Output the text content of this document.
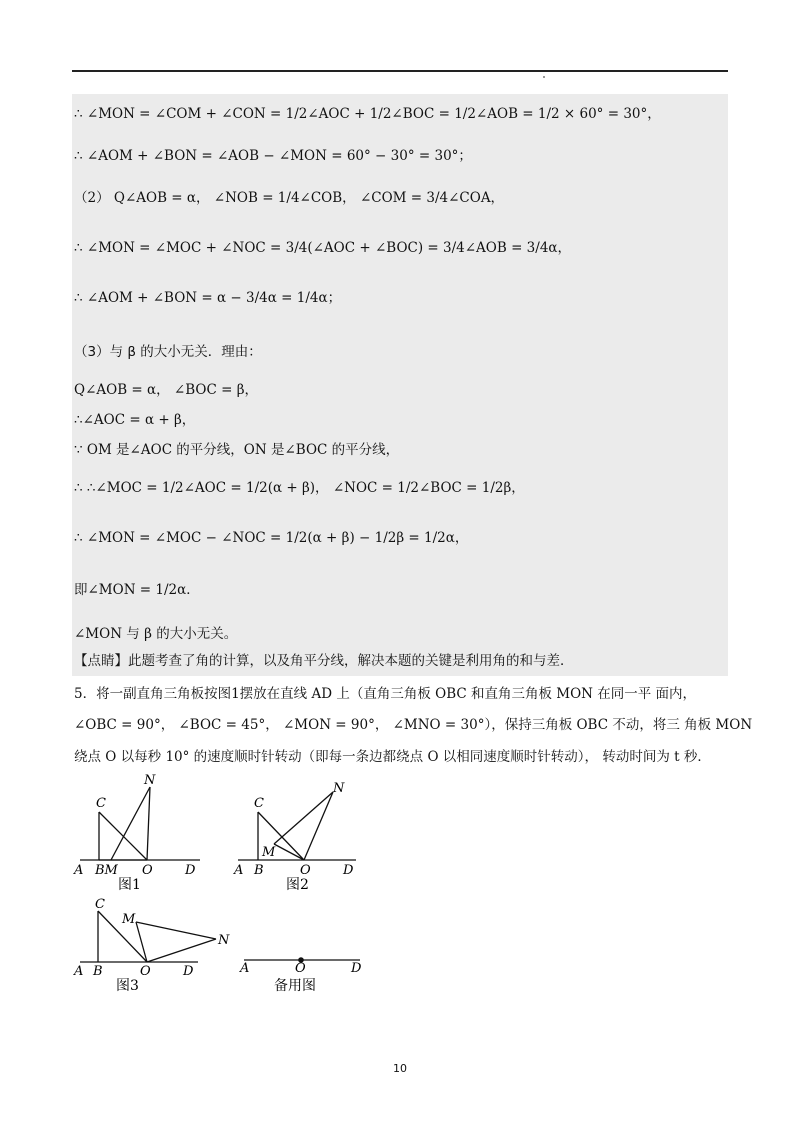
∴ ∠MON = ∠COM + ∠CON = 1/2∠AOC + 1/2∠BOC = 1/2∠AOB = 1/2 × 60° = 30°，
∴ ∠AOM + ∠BON = ∠AOB − ∠MON = 60° − 30° = 30°；
（2） Q∠AOB = α， ∠NOB = 1/4∠COB， ∠COM = 3/4∠COA，
∴ ∠MON = ∠MOC + ∠NOC = 3/4(∠AOC + ∠BOC) = 3/4∠AOB = 3/4α，
∴ ∠AOM + ∠BON = α − 3/4α = 1/4α；
（3）与 β 的大小无关．理由：
Q∠AOB = α， ∠BOC = β，
∴∠AOC = α + β，
∵ OM 是∠AOC 的平分线，ON 是∠BOC 的平分线，
∴ ∴∠MOC = 1/2∠AOC = 1/2(α + β)， ∠NOC = 1/2∠BOC = 1/2β，
∴ ∠MON = ∠MOC − ∠NOC = 1/2(α + β) − 1/2β = 1/2α，
即∠MON = 1/2α．
∠MON 与 β 的大小无关。
【点睛】此题考查了角的计算，以及角平分线，解决本题的关键是利用角的和与差．
5．将一副直角三角板按图1摆放在直线 AD 上（直角三角板 OBC 和直角三角板 MON 在同一平 面内，
∠OBC = 90°， ∠BOC = 45°， ∠MON = 90°， ∠MNO = 30°），保持三角板 OBC 不动，将三 角板 MON
绕点 O 以每秒 10° 的速度顺时针转动（即每一条边都绕点 O 以相同速度顺时针转动）， 转动时间为 t 秒．
A BM O D
C
N
图1
A B	O D
C
N
M
图2
A B	O D
C
N
M
图3
A	O	D
备用图
10
